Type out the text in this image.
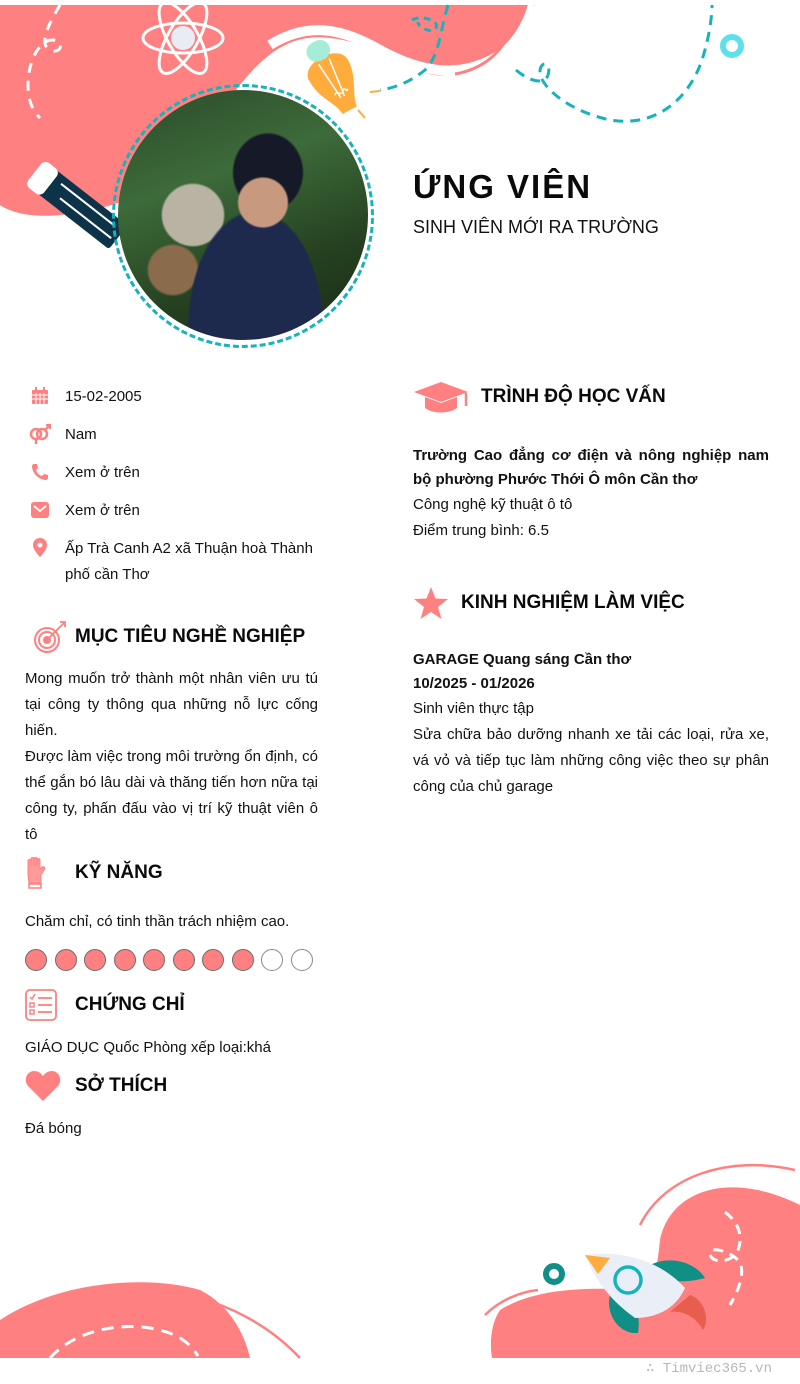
ỨNG VIÊN
SINH VIÊN MỚI RA TRƯỜNG
15-02-2005
Nam
Xem ở trên
Xem ở trên
Ấp Trà Canh A2 xã Thuận hoà Thành phố cần Thơ
MỤC TIÊU NGHỀ NGHIỆP
Mong muốn trở thành một nhân viên ưu tú tại công ty thông qua những nỗ lực cống hiến.
Được làm việc trong môi trường ổn định, có thể gắn bó lâu dài và thăng tiến hơn nữa tại công ty, phấn đấu vào vị trí kỹ thuật viên ô tô
KỸ NĂNG
Chăm chỉ, có tinh thần trách nhiệm cao.
CHỨNG CHỈ
GIÁO DỤC Quốc Phòng xếp loại:khá
SỞ THÍCH
Đá bóng
TRÌNH ĐỘ HỌC VẤN
Trường Cao đẳng cơ điện và nông nghiệp nam bộ phường Phước Thới Ô môn Cần thơ
Công nghệ kỹ thuật ô tô
Điểm trung bình: 6.5
KINH NGHIỆM LÀM VIỆC
GARAGE Quang sáng Cần thơ
10/2025 - 01/2026
Sinh viên thực tập
Sửa chữa bảo dưỡng nhanh xe tải các loại, rửa xe, vá vỏ và tiếp tục làm những công việc theo sự phân công của chủ garage
∴ Timviec365.vn
